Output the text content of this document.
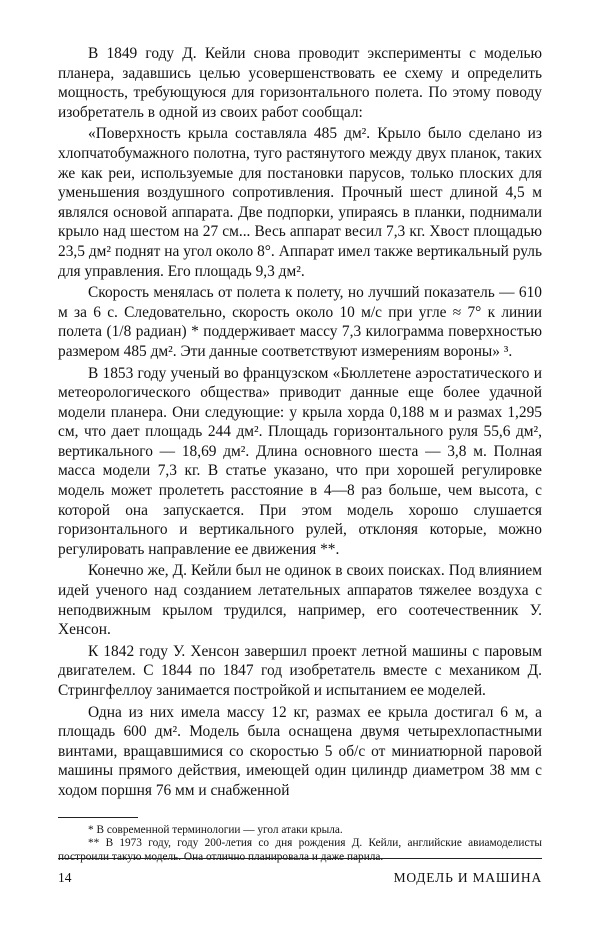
В 1849 году Д. Кейли снова проводит эксперименты с моделью планера, задавшись целью усовершенствовать ее схему и определить мощность, требующуюся для горизонтального полета. По этому поводу изобретатель в одной из своих работ сообщал:

«Поверхность крыла составляла 485 дм². Крыло было сделано из хлопчатобумажного полотна, туго растянутого между двух планок, таких же как реи, используемые для постановки парусов, только плоских для уменьшения воздушного сопротивления. Прочный шест длиной 4,5 м являлся основой аппарата. Две подпорки, упираясь в планки, поднимали крыло над шестом на 27 см... Весь аппарат весил 7,3 кг. Хвост площадью 23,5 дм² поднят на угол около 8°. Аппарат имел также вертикальный руль для управления. Его площадь 9,3 дм².

Скорость менялась от полета к полету, но лучший показатель — 610 м за 6 с. Следовательно, скорость около 10 м/с при угле ≈ 7° к линии полета (1/8 радиан) * поддерживает массу 7,3 килограмма поверхностью размером 485 дм². Эти данные соответствуют измерениям вороны» ³.

В 1853 году ученый во французском «Бюллетене аэростатического и метеорологического общества» приводит данные еще более удачной модели планера. Они следующие: у крыла хорда 0,188 м и размах 1,295 см, что дает площадь 244 дм². Площадь горизонтального руля 55,6 дм², вертикального — 18,69 дм². Длина основного шеста — 3,8 м. Полная масса модели 7,3 кг. В статье указано, что при хорошей регулировке модель может пролететь расстояние в 4—8 раз больше, чем высота, с которой она запускается. При этом модель хорошо слушается горизонтального и вертикального рулей, отклоняя которые, можно регулировать направление ее движения **.

Конечно же, Д. Кейли был не одинок в своих поисках. Под влиянием идей ученого над созданием летательных аппаратов тяжелее воздуха с неподвижным крылом трудился, например, его соотечественник У. Хенсон.

К 1842 году У. Хенсон завершил проект летной машины с паровым двигателем. С 1844 по 1847 год изобретатель вместе с механиком Д. Стрингфеллоу занимается постройкой и испытанием ее моделей.

Одна из них имела массу 12 кг, размах ее крыла достигал 6 м, а площадь 600 дм². Модель была оснащена двумя четырехлопастными винтами, вращавшимися со скоростью 5 об/с от миниатюрной паровой машины прямого действия, имеющей один цилиндр диаметром 38 мм с ходом поршня 76 мм и снабженной

* В современной терминологии — угол атаки крыла.

** В 1973 году, году 200-летия со дня рождения Д. Кейли, английские авиамоделисты построили такую модель. Она отлично планировала и даже парила.

14	МОДЕЛЬ И МАШИНА
